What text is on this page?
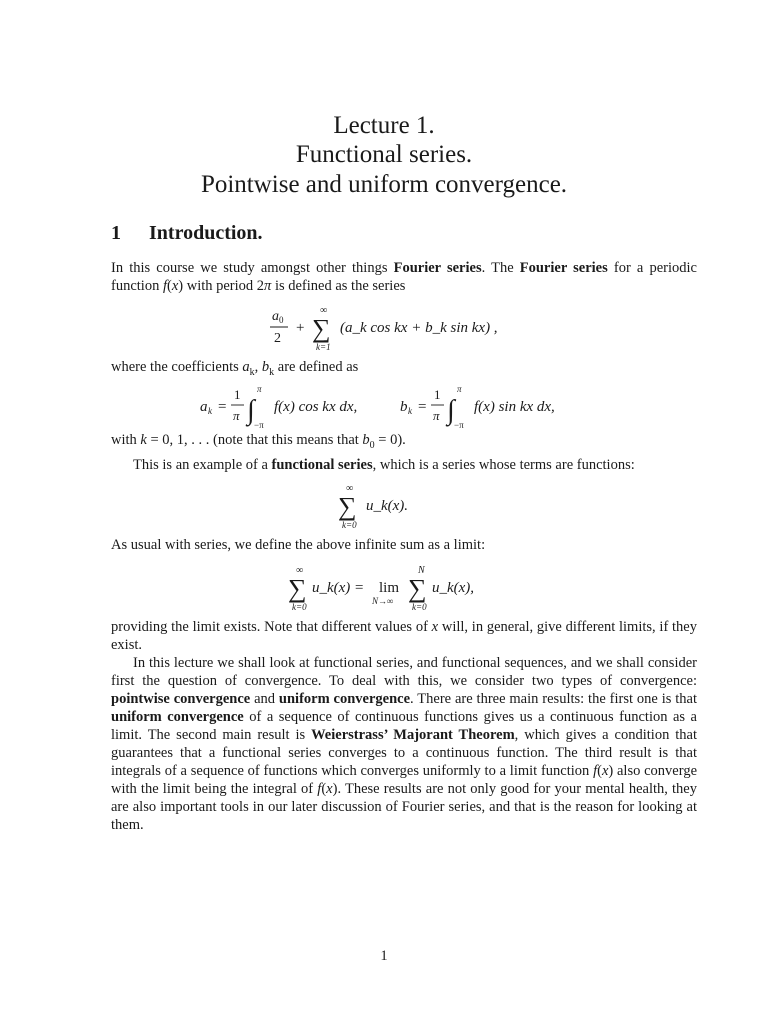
Lecture 1.
Functional series.
Pointwise and uniform convergence.
1 Introduction.
In this course we study amongst other things Fourier series. The Fourier series for a periodic function f(x) with period 2π is defined as the series
a 0
2
+
∞
∑
k=1
(a_k cos kx + b_k sin kx) ,
where the coefficients $a_k$, $b_k$ are defined as
a k =
1
π
π
∫ −π
f(x) cos kx dx,	b k =
1
π
π
∫ −π
f(x) sin kx dx,
with k = 0, 1, . . . (note that this means that $b_0 = 0$).
This is an example of a functional series, which is a series whose terms are functions:
∞
∑
k=0
u_k(x).
As usual with series, we define the above infinite sum as a limit:
∞
∑
k=0
u_k(x) = lim
N→∞
N
∑
k=0
u_k(x),
providing the limit exists. Note that different values of x will, in general, give different limits, if they exist.
In this lecture we shall look at functional series, and functional sequences, and we shall consider first the question of convergence. To deal with this, we consider two types of convergence: pointwise convergence and uniform convergence. There are three main results: the first one is that uniform convergence of a sequence of continuous functions gives us a continuous function as a limit. The second main result is Weierstrass’ Majorant Theorem, which gives a condition that guarantees that a functional series converges to a continuous function. The third result is that integrals of a sequence of functions which converges uniformly to a limit function f(x) also converge with the limit being the integral of f(x). These results are not only good for your mental health, they are also important tools in our later discussion of Fourier series, and that is the reason for looking at them.
1
